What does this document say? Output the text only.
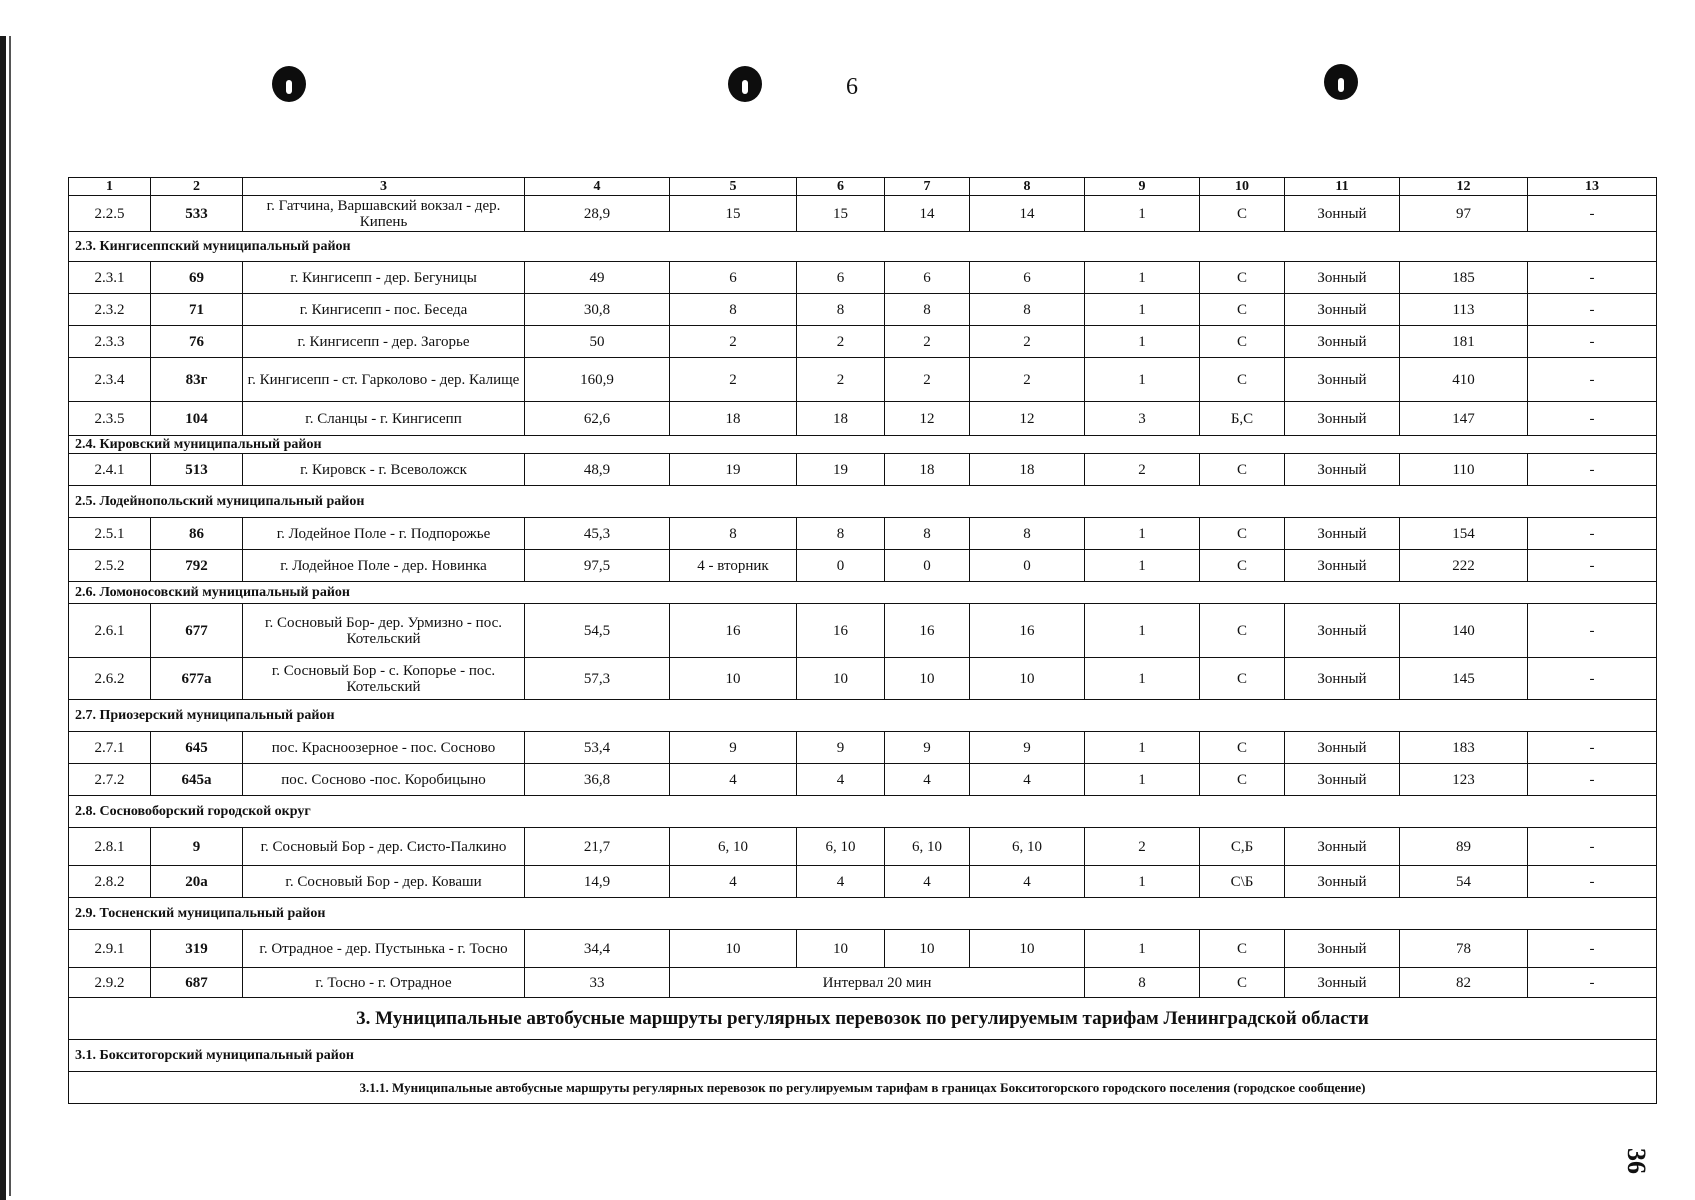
6
36
1	2	3	4	5	6	7	8	9	10	11	12	13
2.2.5	533	г. Гатчина, Варшавский вокзал - дер. Кипень	28,9	15	15	14	14	1	С	Зонный	97	-
2.3. Кингисеппский муниципальный район												
2.3.1	69	г. Кингисепп - дер. Бегуницы	49	6	6	6	6	1	С	Зонный	185	-
2.3.2	71	г. Кингисепп - пос. Беседа	30,8	8	8	8	8	1	С	Зонный	113	-
2.3.3	76	г. Кингисепп - дер. Загорье	50	2	2	2	2	1	С	Зонный	181	-
2.3.4	83г	г. Кингисепп - ст. Гарколово - дер. Калище	160,9	2	2	2	2	1	С	Зонный	410	-
2.3.5	104	г. Сланцы - г. Кингисепп	62,6	18	18	12	12	3	Б,С	Зонный	147	-
2.4. Кировский муниципальный район												
2.4.1	513	г. Кировск - г. Всеволожск	48,9	19	19	18	18	2	С	Зонный	110	-
2.5. Лодейнопольский муниципальный район												
2.5.1	86	г. Лодейное Поле - г. Подпорожье	45,3	8	8	8	8	1	С	Зонный	154	-
2.5.2	792	г. Лодейное Поле - дер. Новинка	97,5	4 - вторник	0	0	0	1	С	Зонный	222	-
2.6. Ломоносовский муниципальный район												
2.6.1	677	г. Сосновый Бор- дер. Урмизно - пос. Котельский	54,5	16	16	16	16	1	С	Зонный	140	-
2.6.2	677а	г. Сосновый Бор - с. Копорье - пос. Котельский	57,3	10	10	10	10	1	С	Зонный	145	-
2.7. Приозерский муниципальный район												
2.7.1	645	пос. Красноозерное - пос. Сосново	53,4	9	9	9	9	1	С	Зонный	183	-
2.7.2	645а	пос. Сосново -пос. Коробицыно	36,8	4	4	4	4	1	С	Зонный	123	-
2.8. Сосновоборский городской округ												
2.8.1	9	г. Сосновый Бор - дер. Систо-Палкино	21,7	6, 10	6, 10	6, 10	6, 10	2	С,Б	Зонный	89	-
2.8.2	20а	г. Сосновый Бор - дер. Коваши	14,9	4	4	4	4	1	С\Б	Зонный	54	-
2.9. Тосненский муниципальный район												
2.9.1	319	г. Отрадное - дер. Пустынька - г. Тосно	34,4	10	10	10	10	1	С	Зонный	78	-
2.9.2	687	г. Тосно - г. Отрадное	33	Интервал 20 мин				8	С	Зонный	82	-
3. Муниципальные автобусные маршруты регулярных перевозок по регулируемым тарифам Ленинградской области												
3.1. Бокситогорский муниципальный район												
3.1.1. Муниципальные автобусные маршруты регулярных перевозок по регулируемым тарифам в границах Бокситогорского городского поселения (городское сообщение)												
